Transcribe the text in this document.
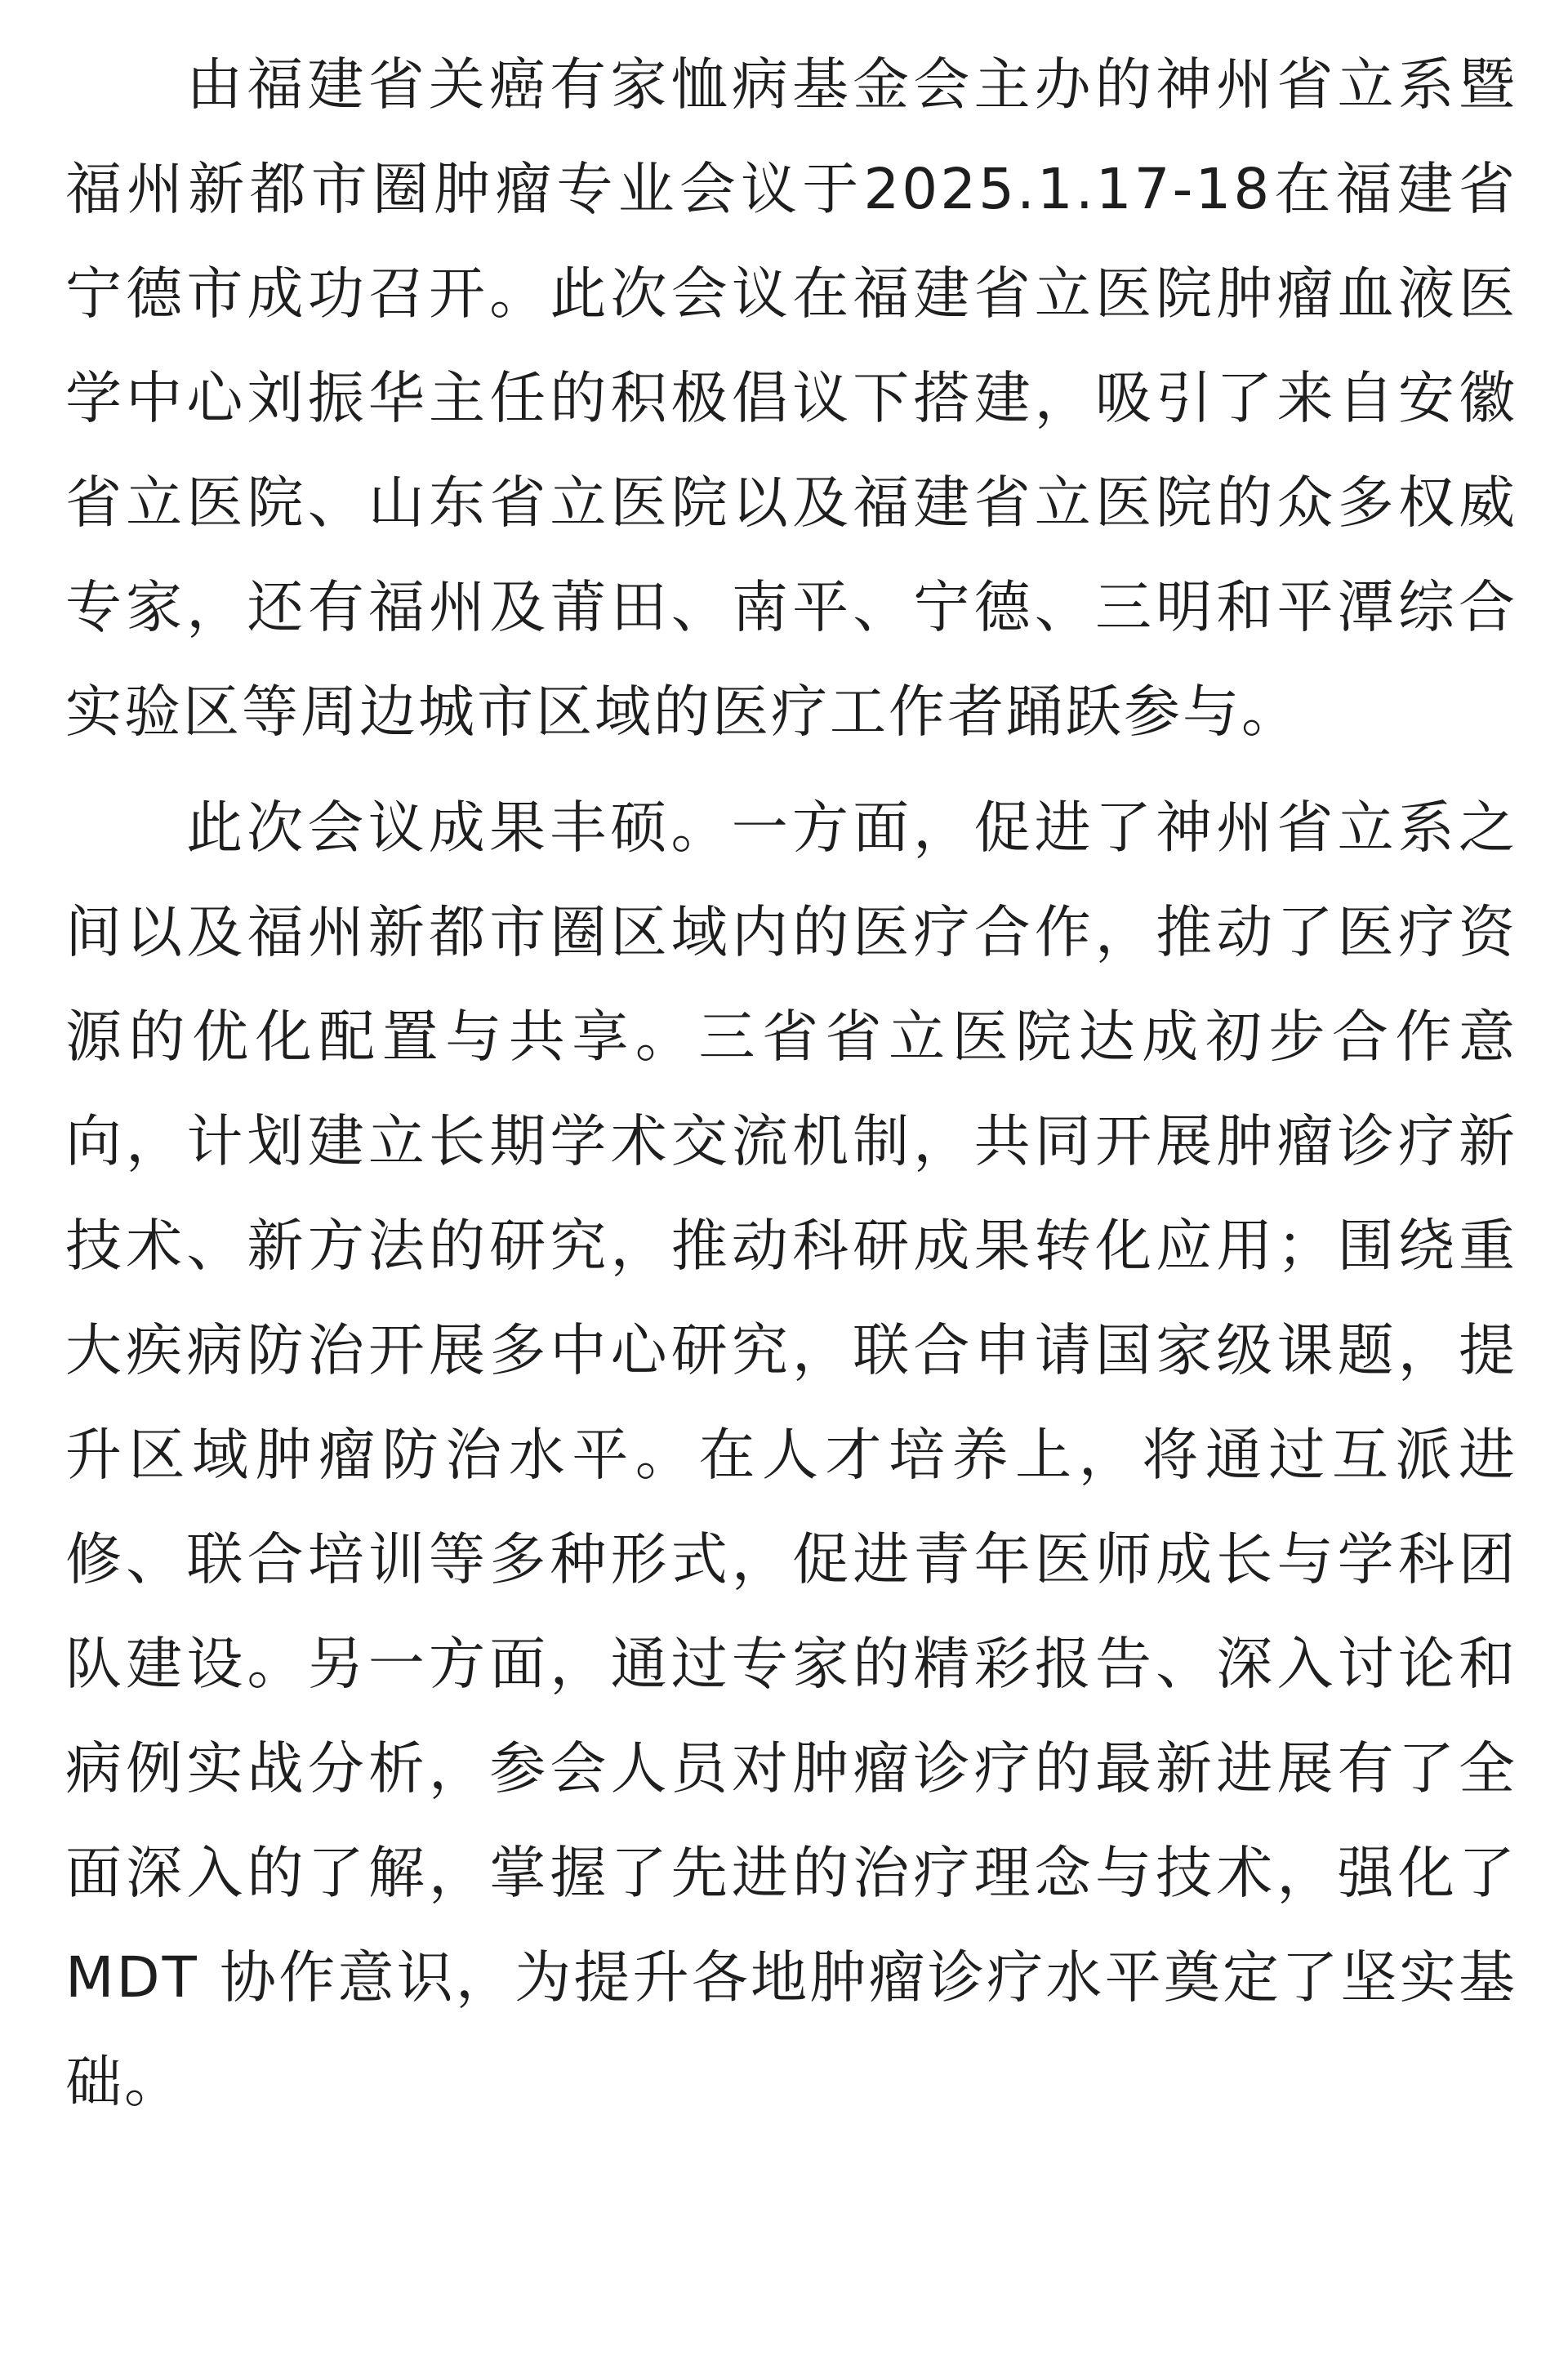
由福建省关癌有家恤病基金会主办的神州省立系暨福州新都市圈肿瘤专业会议于2025.1.17-18在福建省宁德市成功召开。此次会议在福建省立医院肿瘤血液医学中心刘振华主任的积极倡议下搭建，吸引了来自安徽省立医院、山东省立医院以及福建省立医院的众多权威专家，还有福州及莆田、南平、宁德、三明和平潭综合实验区等周边城市区域的医疗工作者踊跃参与。

此次会议成果丰硕。一方面，促进了神州省立系之间以及福州新都市圈区域内的医疗合作，推动了医疗资源的优化配置与共享。三省省立医院达成初步合作意向，计划建立长期学术交流机制，共同开展肿瘤诊疗新技术、新方法的研究，推动科研成果转化应用；围绕重大疾病防治开展多中心研究，联合申请国家级课题，提升区域肿瘤防治水平。在人才培养上，将通过互派进修、联合培训等多种形式，促进青年医师成长与学科团队建设。另一方面，通过专家的精彩报告、深入讨论和病例实战分析，参会人员对肿瘤诊疗的最新进展有了全面深入的了解，掌握了先进的治疗理念与技术，强化了MDT 协作意识，为提升各地肿瘤诊疗水平奠定了坚实基础。
